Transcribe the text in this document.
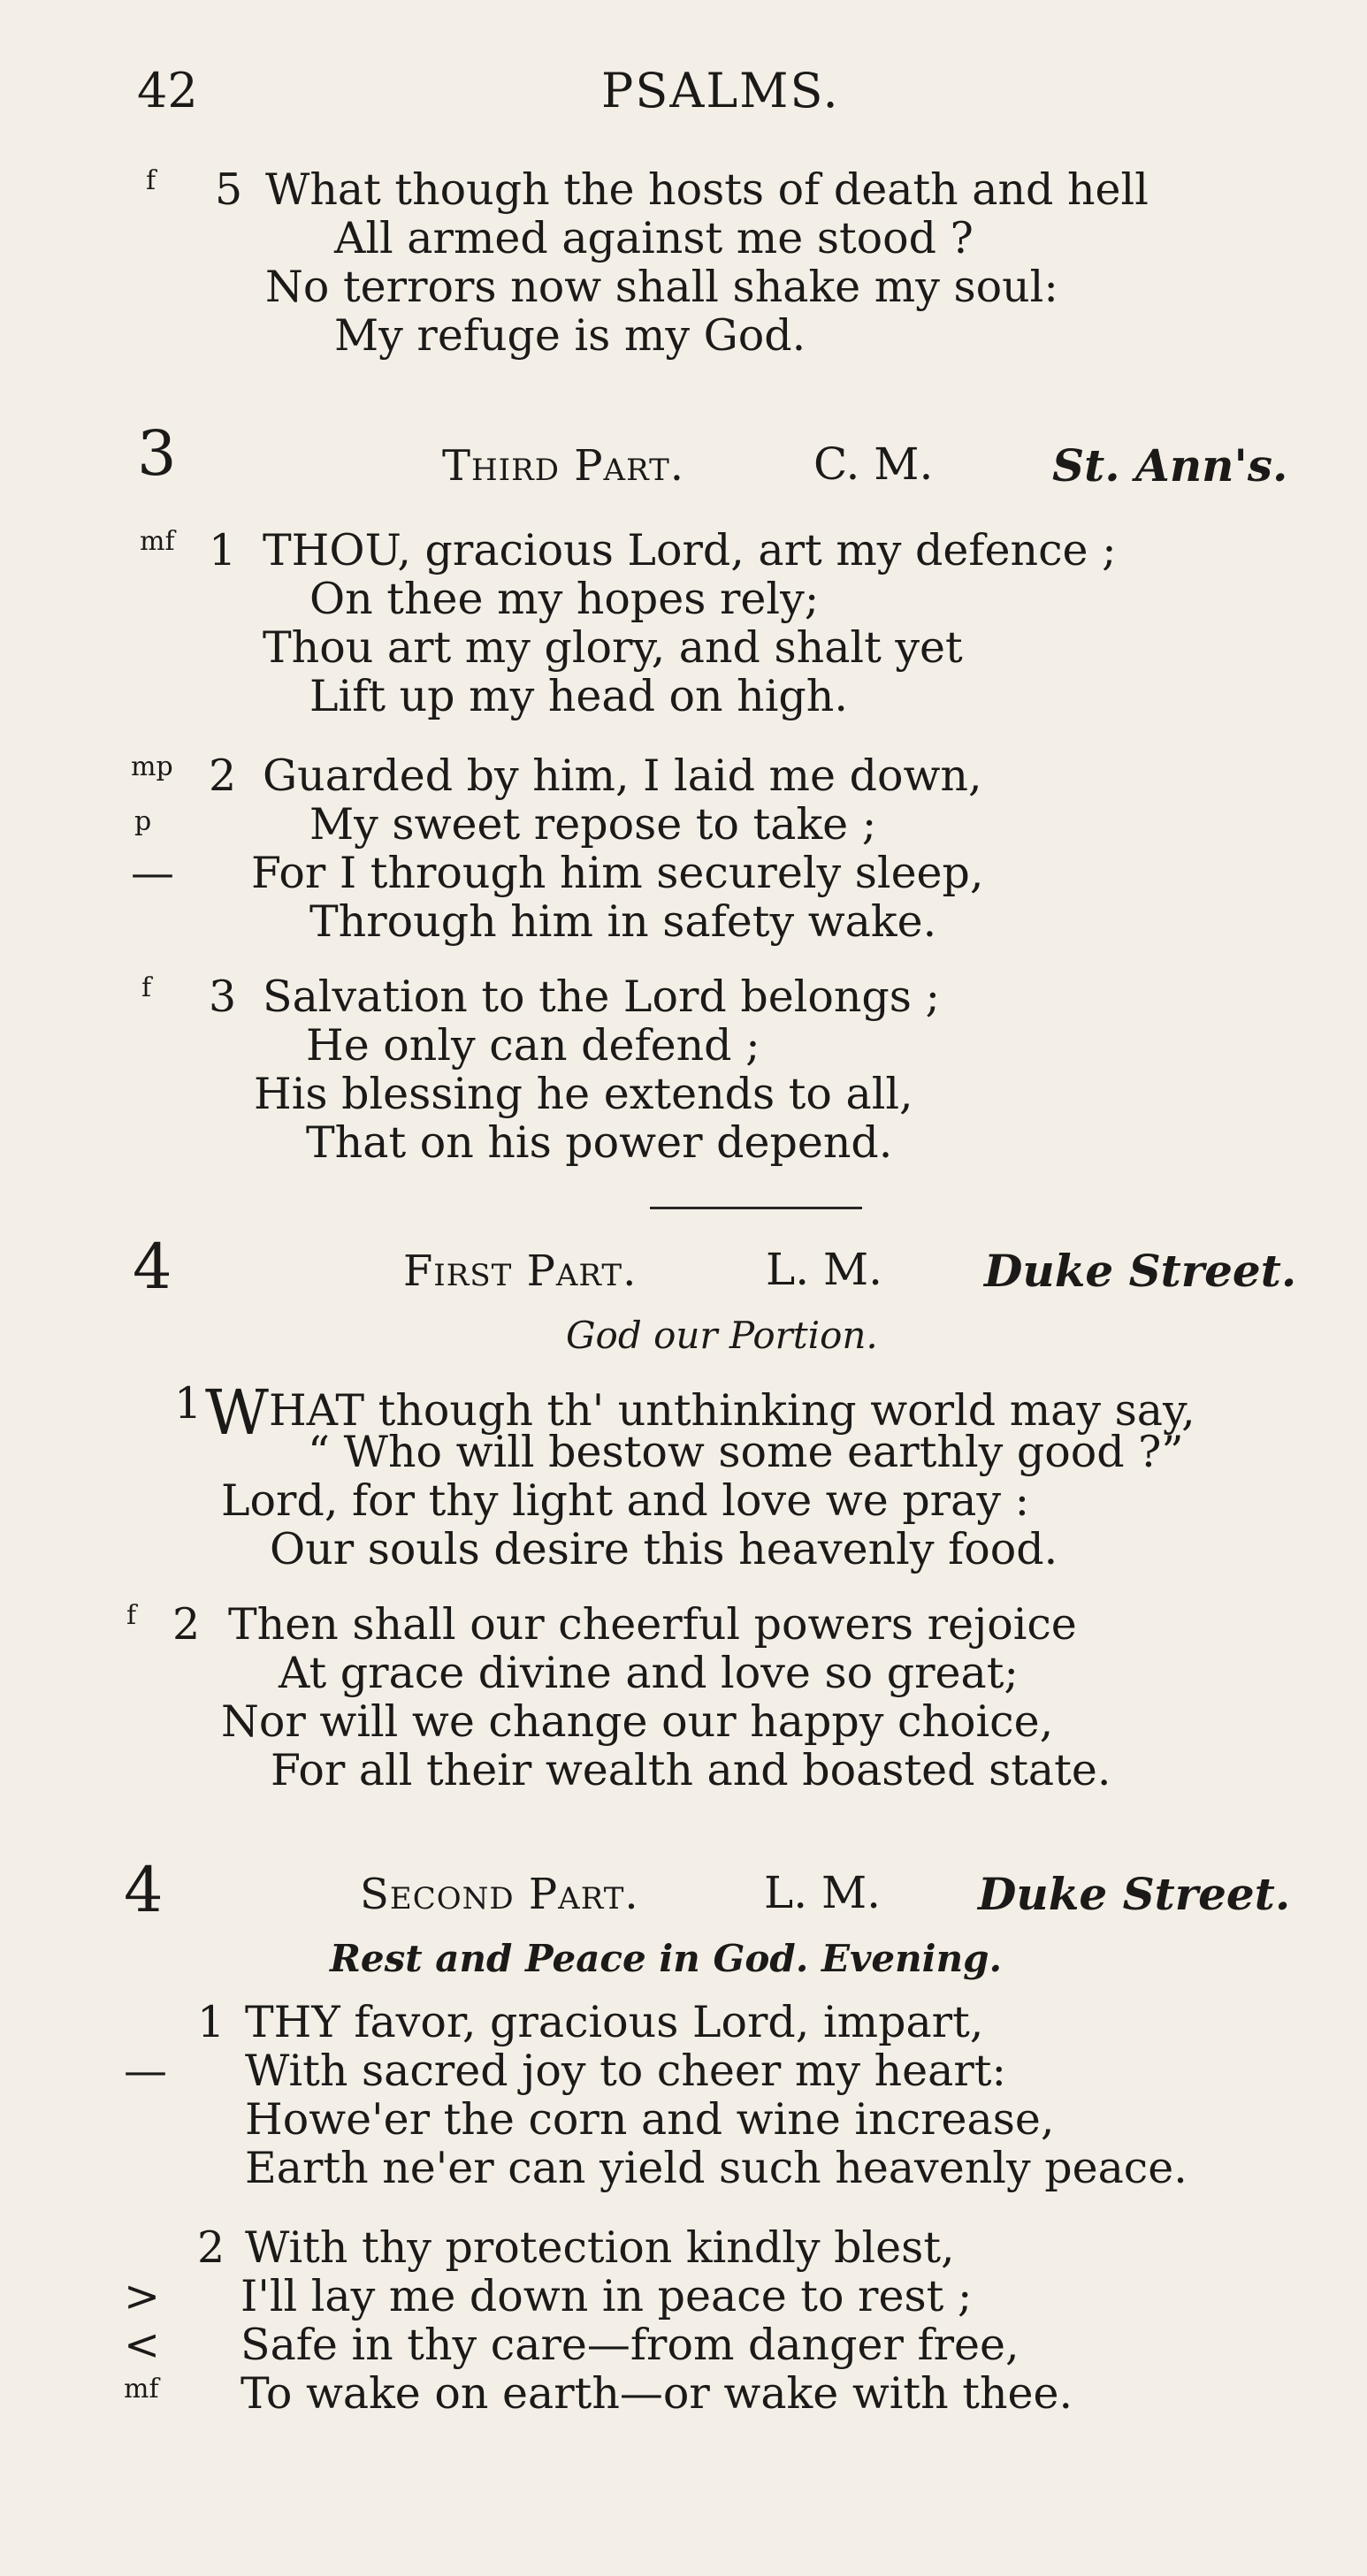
42	PSALMS.
f 5 What though the hosts of death and hell
All armed against me stood ?
No terrors now shall shake my soul:
My refuge is my God.
3	Third Part.	C. M.	St. Ann's.
mf 1 THOU, gracious Lord, art my defence ;
On thee my hopes rely;
Thou art my glory, and shalt yet
Lift up my head on high.
mp 2 Guarded by him, I laid me down,
p	My sweet repose to take ;
— For I through him securely sleep,
Through him in safety wake.
f 3 Salvation to the Lord belongs ;
He only can defend ;
His blessing he extends to all,
That on his power depend.
4	First Part.	L. M. Duke Street.
God our Portion.
1 WHAT though th' unthinking world may say,
“ Who will bestow some earthly good ?”
Lord, for thy light and love we pray :
Our souls desire this heavenly food.
f 2 Then shall our cheerful powers rejoice
At grace divine and love so great;
Nor will we change our happy choice,
For all their wealth and boasted state.
4	Second Part.	L. M. Duke Street.
Rest and Peace in God. Evening.
1 THY favor, gracious Lord, impart,
— With sacred joy to cheer my heart:
Howe'er the corn and wine increase,
Earth ne'er can yield such heavenly peace.
2 With thy protection kindly blest,
> I'll lay me down in peace to rest ;
< Safe in thy care—from danger free,
mf To wake on earth—or wake with thee.
